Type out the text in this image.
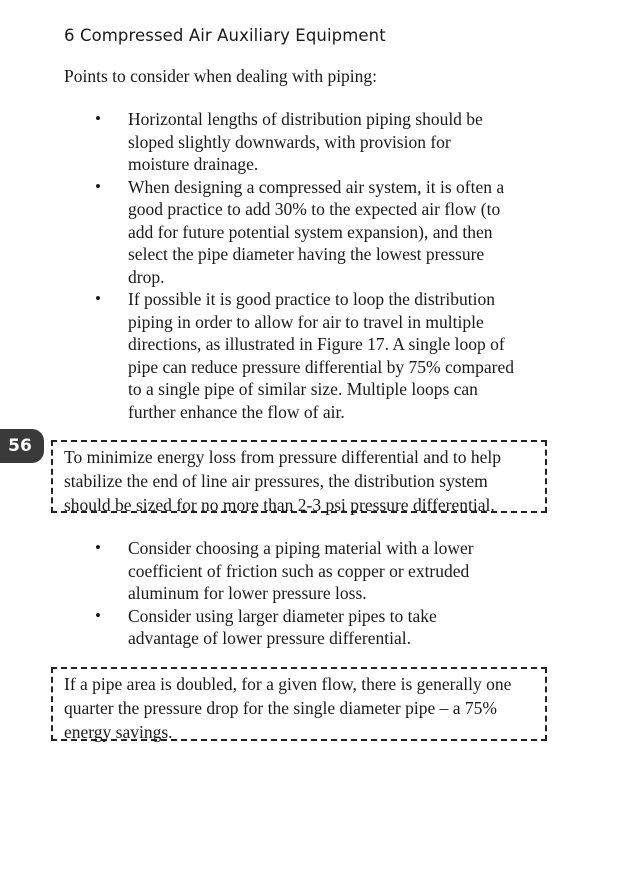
6 Compressed Air Auxiliary Equipment
Points to consider when dealing with piping:
• Horizontal lengths of distribution piping should be
sloped slightly downwards, with provision for
moisture drainage.
• When designing a compressed air system, it is often a
good practice to add 30% to the expected air flow (to
add for future potential system expansion), and then
select the pipe diameter having the lowest pressure
drop.
• If possible it is good practice to loop the distribution
piping in order to allow for air to travel in multiple
directions, as illustrated in Figure 17. A single loop of
pipe can reduce pressure differential by 75% compared
to a single pipe of similar size. Multiple loops can
further enhance the flow of air.
56
To minimize energy loss from pressure differential and to help
stabilize the end of line air pressures, the distribution system
should be sized for no more than 2-3 psi pressure differential.
• Consider choosing a piping material with a lower
coefficient of friction such as copper or extruded
aluminum for lower pressure loss.
• Consider using larger diameter pipes to take
advantage of lower pressure differential.
If a pipe area is doubled, for a given flow, there is generally one
quarter the pressure drop for the single diameter pipe – a 75%
energy savings.
